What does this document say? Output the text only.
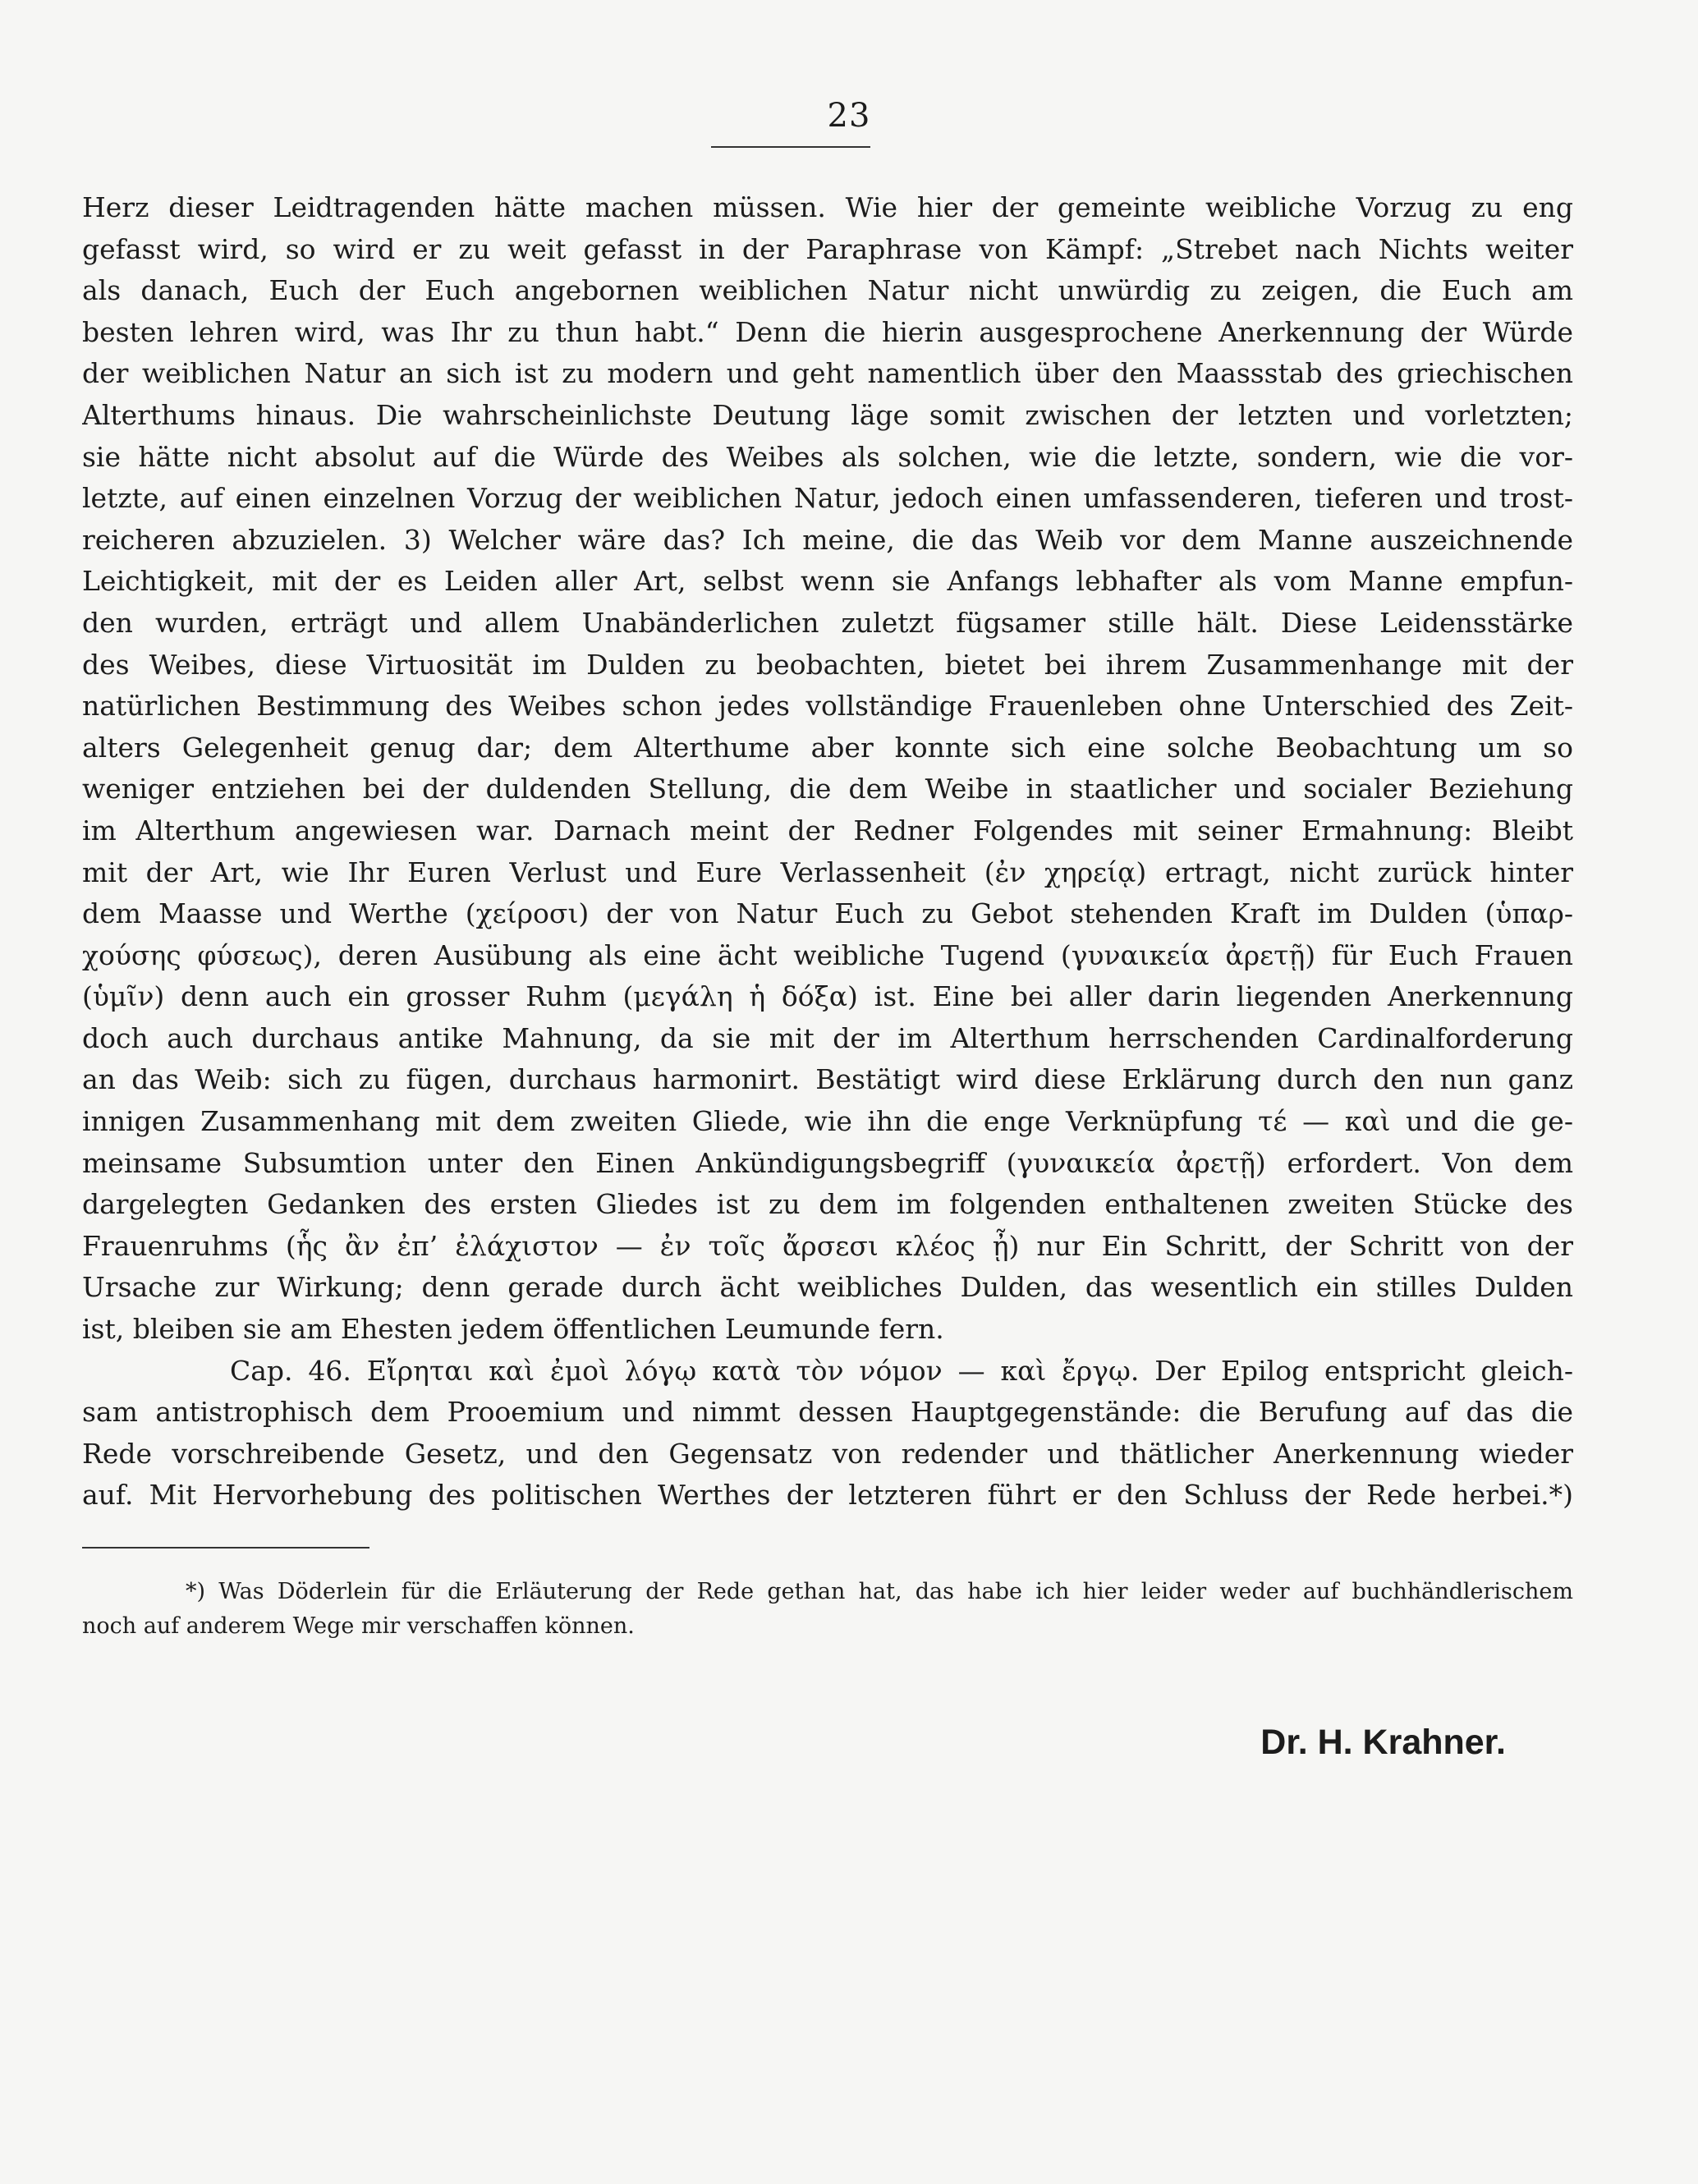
23
Herz dieser Leidtragenden hätte machen müssen. Wie hier der gemeinte weibliche Vorzug zu eng
gefasst wird, so wird er zu weit gefasst in der Paraphrase von Kämpf: „Strebet nach Nichts weiter
als danach, Euch der Euch angebornen weiblichen Natur nicht unwürdig zu zeigen, die Euch am
besten lehren wird, was Ihr zu thun habt.“ Denn die hierin ausgesprochene Anerkennung der Würde
der weiblichen Natur an sich ist zu modern und geht namentlich über den Maassstab des griechischen
Alterthums hinaus. Die wahrscheinlichste Deutung läge somit zwischen der letzten und vorletzten;
sie hätte nicht absolut auf die Würde des Weibes als solchen, wie die letzte, sondern, wie die vor-
letzte, auf einen einzelnen Vorzug der weiblichen Natur, jedoch einen umfassenderen, tieferen und trost-
reicheren abzuzielen. 3) Welcher wäre das? Ich meine, die das Weib vor dem Manne auszeichnende
Leichtigkeit, mit der es Leiden aller Art, selbst wenn sie Anfangs lebhafter als vom Manne empfun-
den wurden, erträgt und allem Unabänderlichen zuletzt fügsamer stille hält. Diese Leidensstärke
des Weibes, diese Virtuosität im Dulden zu beobachten, bietet bei ihrem Zusammenhange mit der
natürlichen Bestimmung des Weibes schon jedes vollständige Frauenleben ohne Unterschied des Zeit-
alters Gelegenheit genug dar; dem Alterthume aber konnte sich eine solche Beobachtung um so
weniger entziehen bei der duldenden Stellung, die dem Weibe in staatlicher und socialer Beziehung
im Alterthum angewiesen war. Darnach meint der Redner Folgendes mit seiner Ermahnung: Bleibt
mit der Art, wie Ihr Euren Verlust und Eure Verlassenheit (ἐν χηρείᾳ) ertragt, nicht zurück hinter
dem Maasse und Werthe (χείροσι) der von Natur Euch zu Gebot stehenden Kraft im Dulden (ὑπαρ-
χούσης φύσεως), deren Ausübung als eine ächt weibliche Tugend (γυναικεία ἀρετῇ) für Euch Frauen
(ὑμῖν) denn auch ein grosser Ruhm (μεγάλη ἡ δόξα) ist. Eine bei aller darin liegenden Anerkennung
doch auch durchaus antike Mahnung, da sie mit der im Alterthum herrschenden Cardinalforderung
an das Weib: sich zu fügen, durchaus harmonirt. Bestätigt wird diese Erklärung durch den nun ganz
innigen Zusammenhang mit dem zweiten Gliede, wie ihn die enge Verknüpfung τέ — καὶ und die ge-
meinsame Subsumtion unter den Einen Ankündigungsbegriff (γυναικεία ἀρετῇ) erfordert. Von dem
dargelegten Gedanken des ersten Gliedes ist zu dem im folgenden enthaltenen zweiten Stücke des
Frauenruhms (ἧς ἂν ἐπ’ ἐλάχιστον — ἐν τοῖς ἄρσεσι κλέος ᾖ) nur Ein Schritt, der Schritt von der
Ursache zur Wirkung; denn gerade durch ächt weibliches Dulden, das wesentlich ein stilles Dulden
ist, bleiben sie am Ehesten jedem öffentlichen Leumunde fern.
Cap. 46. Εἴρηται καὶ ἐμοὶ λόγῳ κατὰ τὸν νόμον — καὶ ἔργῳ. Der Epilog entspricht gleich-
sam antistrophisch dem Prooemium und nimmt dessen Hauptgegenstände: die Berufung auf das die
Rede vorschreibende Gesetz, und den Gegensatz von redender und thätlicher Anerkennung wieder
auf. Mit Hervorhebung des politischen Werthes der letzteren führt er den Schluss der Rede herbei.*)
*) Was Döderlein für die Erläuterung der Rede gethan hat, das habe ich hier leider weder auf buchhändlerischem
noch auf anderem Wege mir verschaffen können.
Dr. H. Krahner.
